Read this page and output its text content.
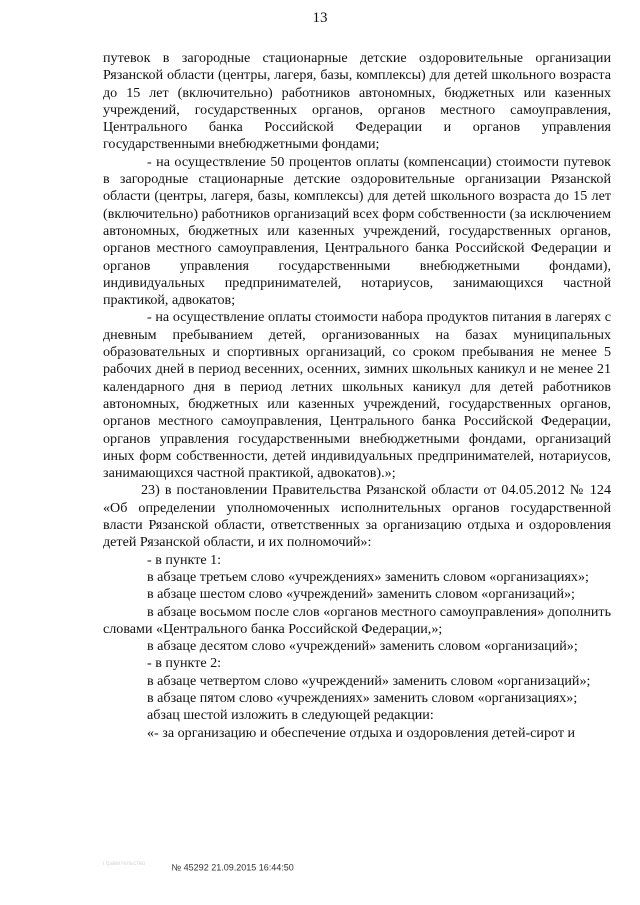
13

путевок в загородные стационарные детские оздоровительные организации Рязанской области (центры, лагеря, базы, комплексы) для детей школьного возраста до 15 лет (включительно) работников автономных, бюджетных или казенных учреждений, государственных органов, органов местного самоуправления, Центрального банка Российской Федерации и органов управления государственными внебюджетными фондами;

- на осуществление 50 процентов оплаты (компенсации) стоимости путевок в загородные стационарные детские оздоровительные организации Рязанской области (центры, лагеря, базы, комплексы) для детей школьного возраста до 15 лет (включительно) работников организаций всех форм собственности (за исключением автономных, бюджетных или казенных учреждений, государственных органов, органов местного самоуправления, Центрального банка Российской Федерации и органов управления государственными внебюджетными фондами), индивидуальных предпринимателей, нотариусов, занимающихся частной практикой, адвокатов;

- на осуществление оплаты стоимости набора продуктов питания в лагерях с дневным пребыванием детей, организованных на базах муниципальных образовательных и спортивных организаций, со сроком пребывания не менее 5 рабочих дней в период весенних, осенних, зимних школьных каникул и не менее 21 календарного дня в период летних школьных каникул для детей работников автономных, бюджетных или казенных учреждений, государственных органов, органов местного самоуправления, Центрального банка Российской Федерации, органов управления государственными внебюджетными фондами, организаций иных форм собственности, детей индивидуальных предпринимателей, нотариусов, занимающихся частной практикой, адвокатов).»;

23) в постановлении Правительства Рязанской области от 04.05.2012 № 124 «Об определении уполномоченных исполнительных органов государственной власти Рязанской области, ответственных за организацию отдыха и оздоровления детей Рязанской области, и их полномочий»:

- в пункте 1:

в абзаце третьем слово «учреждениях» заменить словом «организациях»;

в абзаце шестом слово «учреждений» заменить словом «организаций»;

в абзаце восьмом после слов «органов местного самоуправления» дополнить словами «Центрального банка Российской Федерации,»;

в абзаце десятом слово «учреждений» заменить словом «организаций»;

- в пункте 2:

в абзаце четвертом слово «учреждений» заменить словом «организаций»;

в абзаце пятом слово «учреждениях» заменить словом «организациях»;

абзац шестой изложить в следующей редакции:

«- за организацию и обеспечение отдыха и оздоровления детей-сирот и

Правительство	№ 45292 21.09.2015 16:44:50
